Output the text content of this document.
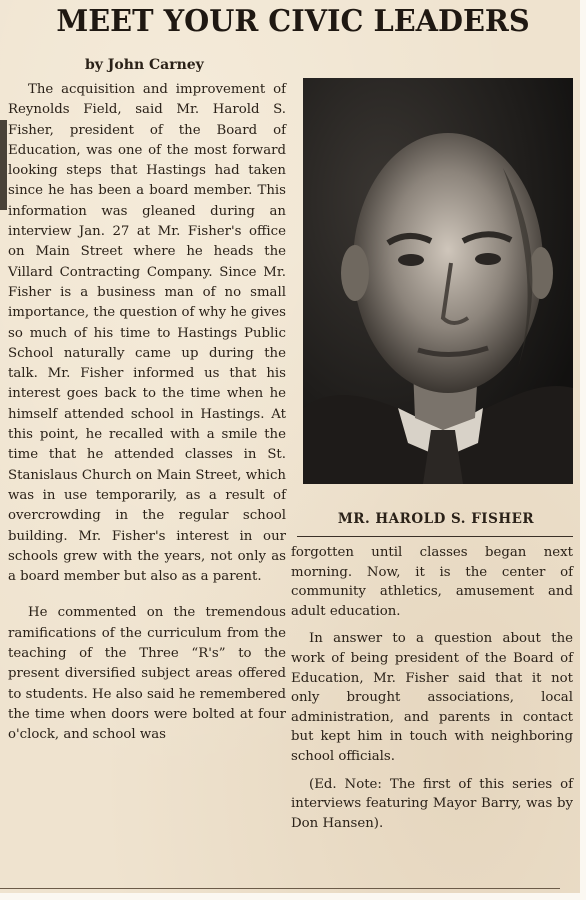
MEET YOUR CIVIC LEADERS
by John Carney

The acquisition and improvement of Reynolds Field, said Mr. Harold S. Fisher, president of the Board of Education, was one of the most forward looking steps that Hastings had taken since he has been a board member. This information was gleaned during an interview Jan. 27 at Mr. Fisher's office on Main Street where he heads the Villard Contracting Company. Since Mr. Fisher is a business man of no small importance, the question of why he gives so much of his time to Hastings Public School naturally came up during the talk. Mr. Fisher informed us that his interest goes back to the time when he himself attended school in Hastings. At this point, he recalled with a smile the time that he attended classes in St. Stanislaus Church on Main Street, which was in use temporarily, as a result of overcrowding in the regular school building. Mr. Fisher's interest in our schools grew with the years, not only as a board member but also as a parent.

He commented on the tremendous ramifications of the curriculum from the teaching of the Three “R's” to the present diversified subject areas offered to students. He also said he remembered the time when doors were bolted at four o'clock, and school was

MR. HAROLD S. FISHER

forgotten until classes began next morning. Now, it is the center of community athletics, amusement and adult education.

In answer to a question about the work of being president of the Board of Education, Mr. Fisher said that it not only brought associations, local administration, and parents in contact but kept him in touch with neighboring school officials.

(Ed. Note: The first of this series of interviews featuring Mayor Barry, was by Don Hansen).
